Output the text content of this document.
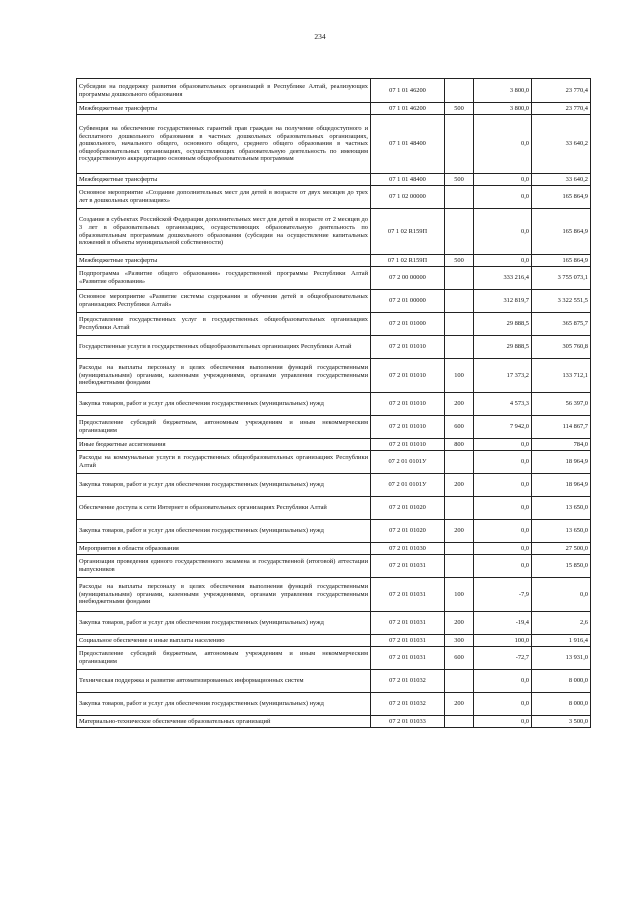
234
Субсидии на поддержку развития образовательных организаций в Республике Алтай, реализующих программы дошкольного образования	07 1 01 46200		3 800,0	23 770,4
Межбюджетные трансферты	07 1 01 46200	500	3 800,0	23 770,4
Субвенция на обеспечение государственных гарантий прав граждан на получение общедоступного и бесплатного дошкольного образования в частных дошкольных образовательных организациях, дошкольного, начального общего, основного общего, среднего общего образования в частных общеобразовательных организациях, осуществляющих образовательную деятельность по имеющим государственную аккредитацию основным общеобразовательным программам	07 1 01 48400		0,0	33 640,2
Межбюджетные трансферты	07 1 01 48400	500	0,0	33 640,2
Основное мероприятие «Создание дополнительных мест для детей в возрасте от двух месяцев до трех лет в дошкольных организациях»	07 1 02 00000		0,0	165 864,9
Создание в субъектах Российской Федерации дополнительных мест для детей в возрасте от 2 месяцев до 3 лет в образовательных организациях, осуществляющих образовательную деятельность по образовательным программам дошкольного образования (субсидии на осуществление капитальных вложений в объекты муниципальной собственности)	07 1 02 R159П		0,0	165 864,9
Межбюджетные трансферты	07 1 02 R159П	500	0,0	165 864,9
Подпрограмма «Развитие общего образования» государственной программы Республики Алтай «Развитие образования»	07 2 00 00000		333 216,4	3 755 073,1
Основное мероприятие «Развитие системы содержания и обучения детей в общеобразовательных организациях Республики Алтай»	07 2 01 00000		312 819,7	3 322 551,5
Предоставление государственных услуг в государственных общеобразовательных организациях Республики Алтай	07 2 01 01000		29 888,5	365 875,7
Государственные услуги в государственных общеобразовательных организациях Республики Алтай	07 2 01 01010		29 888,5	305 760,8
Расходы на выплаты персоналу в целях обеспечения выполнения функций государственными (муниципальными) органами, казенными учреждениями, органами управления государственными внебюджетными фондами	07 2 01 01010	100	17 373,2	133 712,1
Закупка товаров, работ и услуг для обеспечения государственных (муниципальных) нужд	07 2 01 01010	200	4 573,3	56 397,0
Предоставление субсидий бюджетным, автономным учреждениям и иным некоммерческим организациям	07 2 01 01010	600	7 942,0	114 867,7
Иные бюджетные ассигнования	07 2 01 01010	800	0,0	784,0
Расходы на коммунальные услуги в государственных общеобразовательных организациях Республики Алтай	07 2 01 0101У		0,0	18 964,9
Закупка товаров, работ и услуг для обеспечения государственных (муниципальных) нужд	07 2 01 0101У	200	0,0	18 964,9
Обеспечение доступа к сети Интернет в образовательных организациях Республики Алтай	07 2 01 01020		0,0	13 650,0
Закупка товаров, работ и услуг для обеспечения государственных (муниципальных) нужд	07 2 01 01020	200	0,0	13 650,0
Мероприятия в области образования	07 2 01 01030		0,0	27 500,0
Организация проведения единого государственного экзамена и государственной (итоговой) аттестации выпускников	07 2 01 01031		0,0	15 850,0
Расходы на выплаты персоналу в целях обеспечения выполнения функций государственными (муниципальными) органами, казенными учреждениями, органами управления государственными внебюджетными фондами	07 2 01 01031	100	-7,9	0,0
Закупка товаров, работ и услуг для обеспечения государственных (муниципальных) нужд	07 2 01 01031	200	-19,4	2,6
Социальное обеспечение и иные выплаты населению	07 2 01 01031	300	100,0	1 916,4
Предоставление субсидий бюджетным, автономным учреждениям и иным некоммерческим организациям	07 2 01 01031	600	-72,7	13 931,0
Техническая поддержка и развитие автоматизированных информационных систем	07 2 01 01032		0,0	8 000,0
Закупка товаров, работ и услуг для обеспечения государственных (муниципальных) нужд	07 2 01 01032	200	0,0	8 000,0
Материально-техническое обеспечение образовательных организаций	07 2 01 01033		0,0	3 500,0
